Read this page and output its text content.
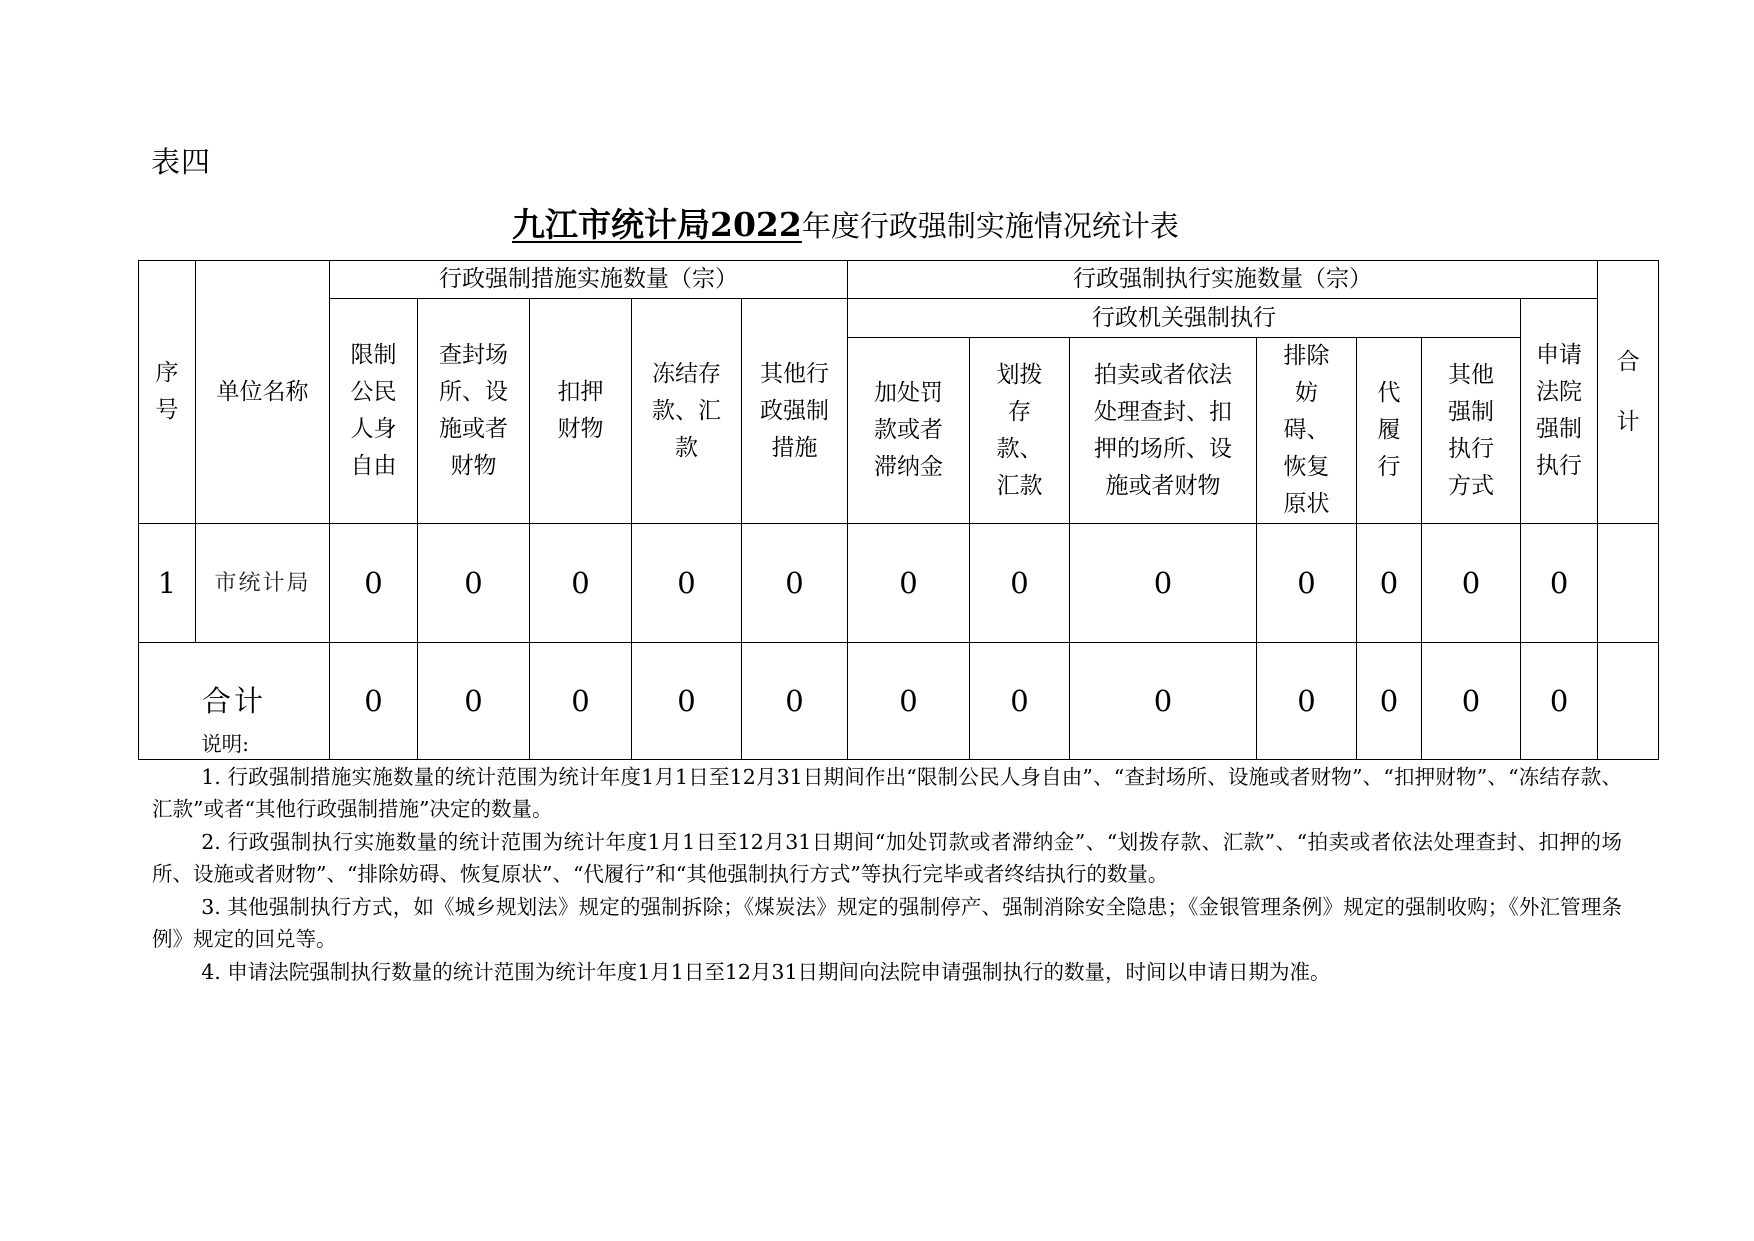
表四
九江市统计局2022年度行政强制实施情况统计表
序号	单位名称	行政强制措施实施数量（宗）					行政强制执行实施数量（宗）							合计
		限制公民人身自由	查封场所、设施或者财物	扣押财物	冻结存款、汇款	其他行政强制措施	行政机关强制执行						申请法院强制执行	
							加处罚款或者滞纳金	划拨存款、汇款	拍卖或者依法处理查封、扣押的场所、设施或者财物	排除妨碍、恢复原状	代履行	其他强制执行方式		
1	市统计局	0	0	0	0	0	0	0	0	0	0	0	0	
合计		0	0	0	0	0	0	0	0	0	0	0	0	

说明:

1. 行政强制措施实施数量的统计范围为统计年度1月1日至12月31日期间作出“限制公民人身自由”、“查封场所、设施或者财物”、“扣押财物”、“冻结存款、汇款”或者“其他行政强制措施”决定的数量。

2. 行政强制执行实施数量的统计范围为统计年度1月1日至12月31日期间“加处罚款或者滞纳金”、“划拨存款、汇款”、“拍卖或者依法处理查封、扣押的场所、设施或者财物”、“排除妨碍、恢复原状”、“代履行”和“其他强制执行方式”等执行完毕或者终结执行的数量。

3. 其他强制执行方式，如《城乡规划法》规定的强制拆除；《煤炭法》规定的强制停产、强制消除安全隐患；《金银管理条例》规定的强制收购；《外汇管理条例》规定的回兑等。

4. 申请法院强制执行数量的统计范围为统计年度1月1日至12月31日期间向法院申请强制执行的数量，时间以申请日期为准。
